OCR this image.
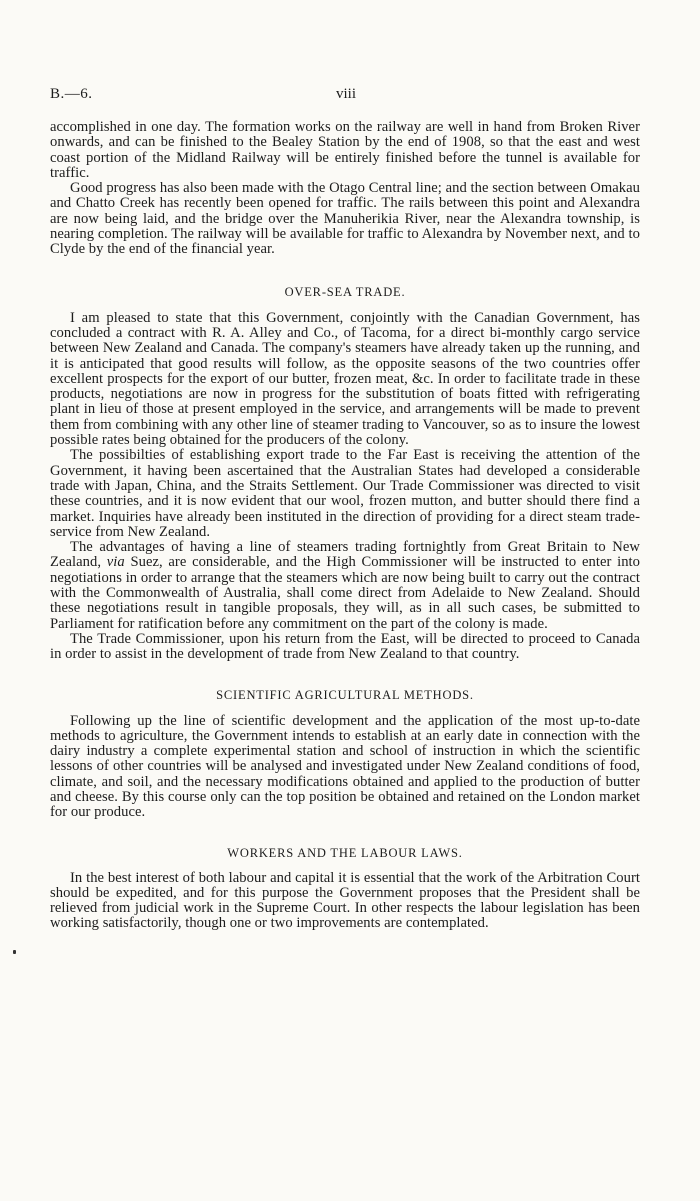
B.—6.	viii

accomplished in one day. The formation works on the railway are well in hand from Broken River onwards, and can be finished to the Bealey Station by the end of 1908, so that the east and west coast portion of the Midland Railway will be entirely finished before the tunnel is available for traffic.

Good progress has also been made with the Otago Central line; and the section between Omakau and Chatto Creek has recently been opened for traffic. The rails between this point and Alexandra are now being laid, and the bridge over the Manuherikia River, near the Alexandra township, is nearing completion. The railway will be available for traffic to Alexandra by November next, and to Clyde by the end of the financial year.

OVER-SEA TRADE.

I am pleased to state that this Government, conjointly with the Canadian Government, has concluded a contract with R. A. Alley and Co., of Tacoma, for a direct bi-monthly cargo service between New Zealand and Canada. The company's steamers have already taken up the running, and it is anticipated that good results will follow, as the opposite seasons of the two countries offer excellent prospects for the export of our butter, frozen meat, &c. In order to facilitate trade in these products, negotiations are now in progress for the substitution of boats fitted with refrigerating plant in lieu of those at present employed in the service, and arrangements will be made to prevent them from combining with any other line of steamer trading to Vancouver, so as to insure the lowest possible rates being obtained for the producers of the colony.

The possibilties of establishing export trade to the Far East is receiving the attention of the Government, it having been ascertained that the Australian States had developed a considerable trade with Japan, China, and the Straits Settlement. Our Trade Commissioner was directed to visit these countries, and it is now evident that our wool, frozen mutton, and butter should there find a market. Inquiries have already been instituted in the direction of providing for a direct steam trade-service from New Zealand.

The advantages of having a line of steamers trading fortnightly from Great Britain to New Zealand, via Suez, are considerable, and the High Commissioner will be instructed to enter into negotiations in order to arrange that the steamers which are now being built to carry out the contract with the Commonwealth of Australia, shall come direct from Adelaide to New Zealand. Should these negotiations result in tangible proposals, they will, as in all such cases, be submitted to Parliament for ratification before any commitment on the part of the colony is made.

The Trade Commissioner, upon his return from the East, will be directed to proceed to Canada in order to assist in the development of trade from New Zealand to that country.

SCIENTIFIC AGRICULTURAL METHODS.

Following up the line of scientific development and the application of the most up-to-date methods to agriculture, the Government intends to establish at an early date in connection with the dairy industry a complete experimental station and school of instruction in which the scientific lessons of other countries will be analysed and investigated under New Zealand conditions of food, climate, and soil, and the necessary modifications obtained and applied to the production of butter and cheese. By this course only can the top position be obtained and retained on the London market for our produce.

WORKERS AND THE LABOUR LAWS.

In the best interest of both labour and capital it is essential that the work of the Arbitration Court should be expedited, and for this purpose the Government proposes that the President shall be relieved from judicial work in the Supreme Court. In other respects the labour legislation has been working satisfactorily, though one or two improvements are contemplated.
